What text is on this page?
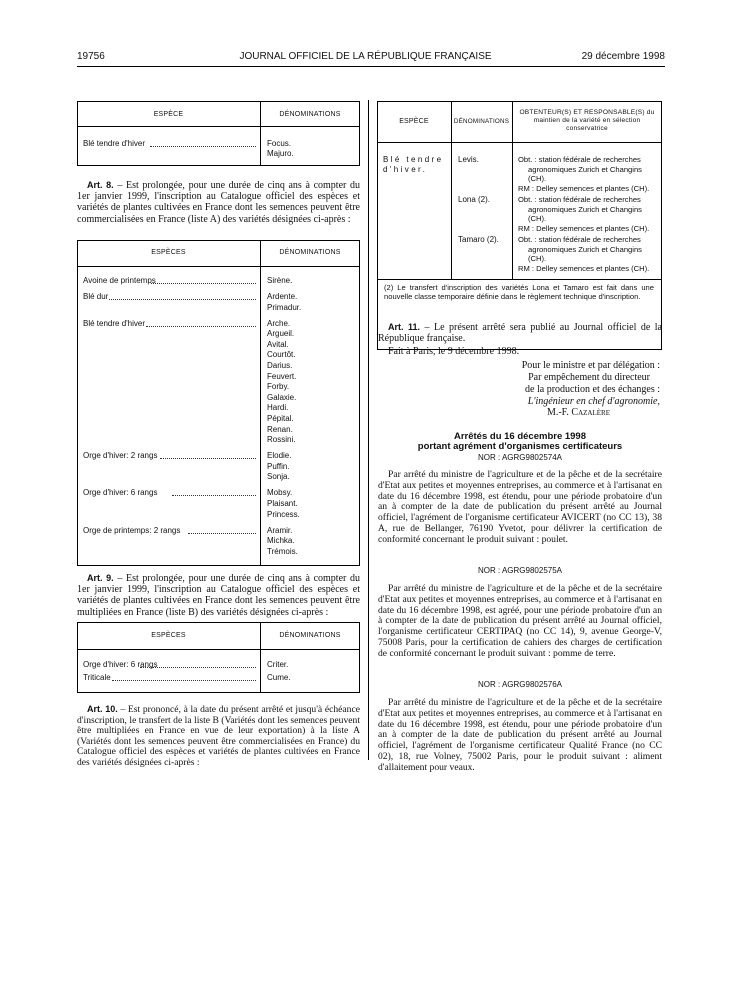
19756	JOURNAL OFFICIEL DE LA RÉPUBLIQUE FRANÇAISE	29 décembre 1998
ESPÈCE	DÉNOMINATIONS
Blé tendre d'hiver	Focus.
Majuro.
Art. 8. – Est prolongée, pour une durée de cinq ans à compter du 1er janvier 1999, l'inscription au Catalogue officiel des espèces et variétés de plantes cultivées en France dont les semences peuvent être commercialisées en France (liste A) des variétés désignées ci-après :
ESPÈCES	DÉNOMINATIONS
Avoine de printemps	Sirène.
Blé dur	Ardente.
Primadur.
Blé tendre d'hiver	Arche.
Argueil.
Avital.
Courtôt.
Darius.
Feuvert.
Forby.
Galaxie.
Hardi.
Pépital.
Renan.
Rossini.
Orge d'hiver: 2 rangs	Elodie.
Puffin.
Sonja.
Orge d'hiver: 6 rangs	Mobsy.
Plaisant.
Princess.
Orge de printemps: 2 rangs	Aramir.
Michka.
Trémois.
Art. 9. – Est prolongée, pour une durée de cinq ans à compter du 1er janvier 1999, l'inscription au Catalogue officiel des espèces et variétés de plantes cultivées en France dont les semences peuvent être multipliées en France (liste B) des variétés désignées ci-après :
ESPÈCES	DÉNOMINATIONS
Orge d'hiver: 6 rangs	Criter.
Triticale	Cume.
Art. 10. – Est prononcé, à la date du présent arrêté et jusqu'à échéance d'inscription, le transfert de la liste B (Variétés dont les semences peuvent être multipliées en France en vue de leur exportation) à la liste A (Variétés dont les semences peuvent être commercialisées en France) du Catalogue officiel des espèces et variétés de plantes cultivées en France des variétés désignées ci-après :
ESPÈCE	DÉNOMINATIONS
OBTENTEUR(S) ET RESPONSABLE(S) du maintien de la variété en sélection conservatrice
Blé tendre d'hiver.
Levis.	Obt. : station fédérale de recherches
agronomiques Zurich et Changins
(CH).
RM : Delley semences et plantes (CH).
Lona (2).	Obt. : station fédérale de recherches
agronomiques Zurich et Changins
(CH).
RM : Delley semences et plantes (CH).
Tamaro (2).	Obt. : station fédérale de recherches
agronomiques Zurich et Changins
(CH).
RM : Delley semences et plantes (CH).
(2) Le transfert d'inscription des variétés Lona et Tamaro est fait dans une nouvelle classe temporaire définie dans le règlement technique d'inscription.
Art. 11. – Le présent arrêté sera publié au Journal officiel de la République française.
Fait à Paris, le 9 décembre 1998.
Pour le ministre et par délégation :
Par empêchement du directeur
de la production et des échanges :
L'ingénieur en chef d'agronomie,
M.-F. Cazalère
Arrêtés du 16 décembre 1998
portant agrément d'organismes certificateurs
NOR : AGRG9802574A
Par arrêté du ministre de l'agriculture et de la pêche et de la secrétaire d'Etat aux petites et moyennes entreprises, au commerce et à l'artisanat en date du 16 décembre 1998, est étendu, pour une période probatoire d'un an à compter de la date de publication du présent arrêté au Journal officiel, l'agrément de l'organisme certificateur AVICERT (no CC 13), 38 A, rue de Bellanger, 76190 Yvetot, pour délivrer la certification de conformité concernant le produit suivant : poulet.
NOR : AGRG9802575A
Par arrêté du ministre de l'agriculture et de la pêche et de la secrétaire d'Etat aux petites et moyennes entreprises, au commerce et à l'artisanat en date du 16 décembre 1998, est agréé, pour une période probatoire d'un an à compter de la date de publication du présent arrêté au Journal officiel, l'organisme certificateur CERTIPAQ (no CC 14), 9, avenue George-V, 75008 Paris, pour la certification de cahiers des charges de certification de conformité concernant le produit suivant : pomme de terre.
NOR : AGRG9802576A
Par arrêté du ministre de l'agriculture et de la pêche et de la secrétaire d'Etat aux petites et moyennes entreprises, au commerce et à l'artisanat en date du 16 décembre 1998, est étendu, pour une période probatoire d'un an à compter de la date de publication du présent arrêté au Journal officiel, l'agrément de l'organisme certificateur Qualité France (no CC 02), 18, rue Volney, 75002 Paris, pour le produit suivant : aliment d'allaitement pour veaux.
